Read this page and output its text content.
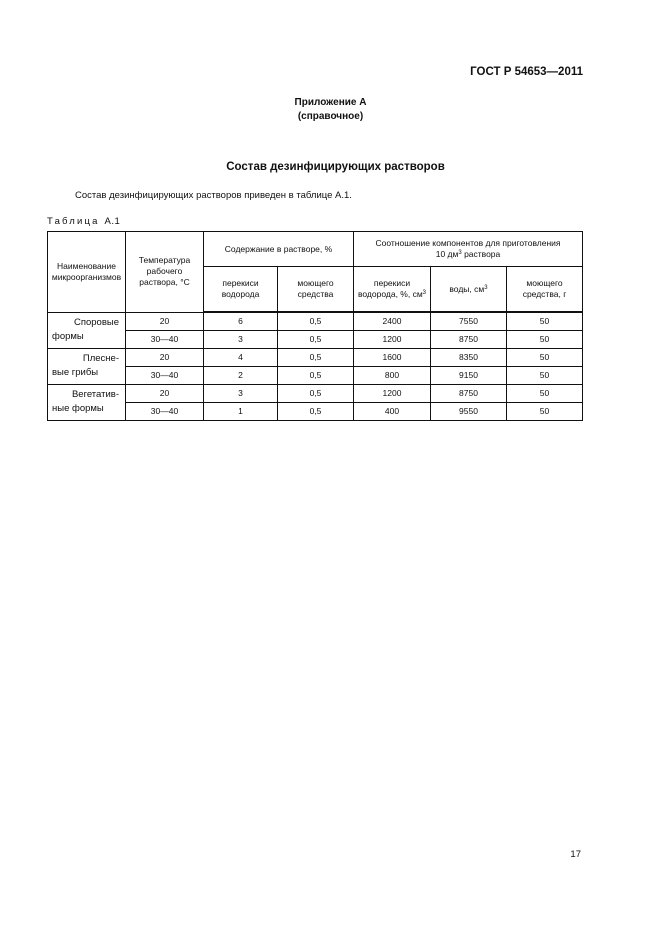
ГОСТ Р 54653—2011
Приложение А
(справочное)
Состав дезинфицирующих растворов
Состав дезинфицирующих растворов приведен в таблице А.1.
Таблица А.1
Наименование микроорганизмов	Температура рабочего раствора, °C	Содержание в растворе, %		Соотношение компонентов для приготовления
10 $дм^3$ раствора		

		перекиси водорода	моющего средства	перекиси водорода, %, $см^3$	воды, $см^3$	моющего средства, г

Споровые
формы	20	6	0,5	2400	7550	50
	30—40	3	0,5	1200	8750	50

Плесне-
вые грибы	20	4	0,5	1600	8350	50
	30—40	2	0,5	800	9150	50

Вегетатив-
ные формы	20	3	0,5	1200	8750	50
	30—40	1	0,5	400	9550	50
17
